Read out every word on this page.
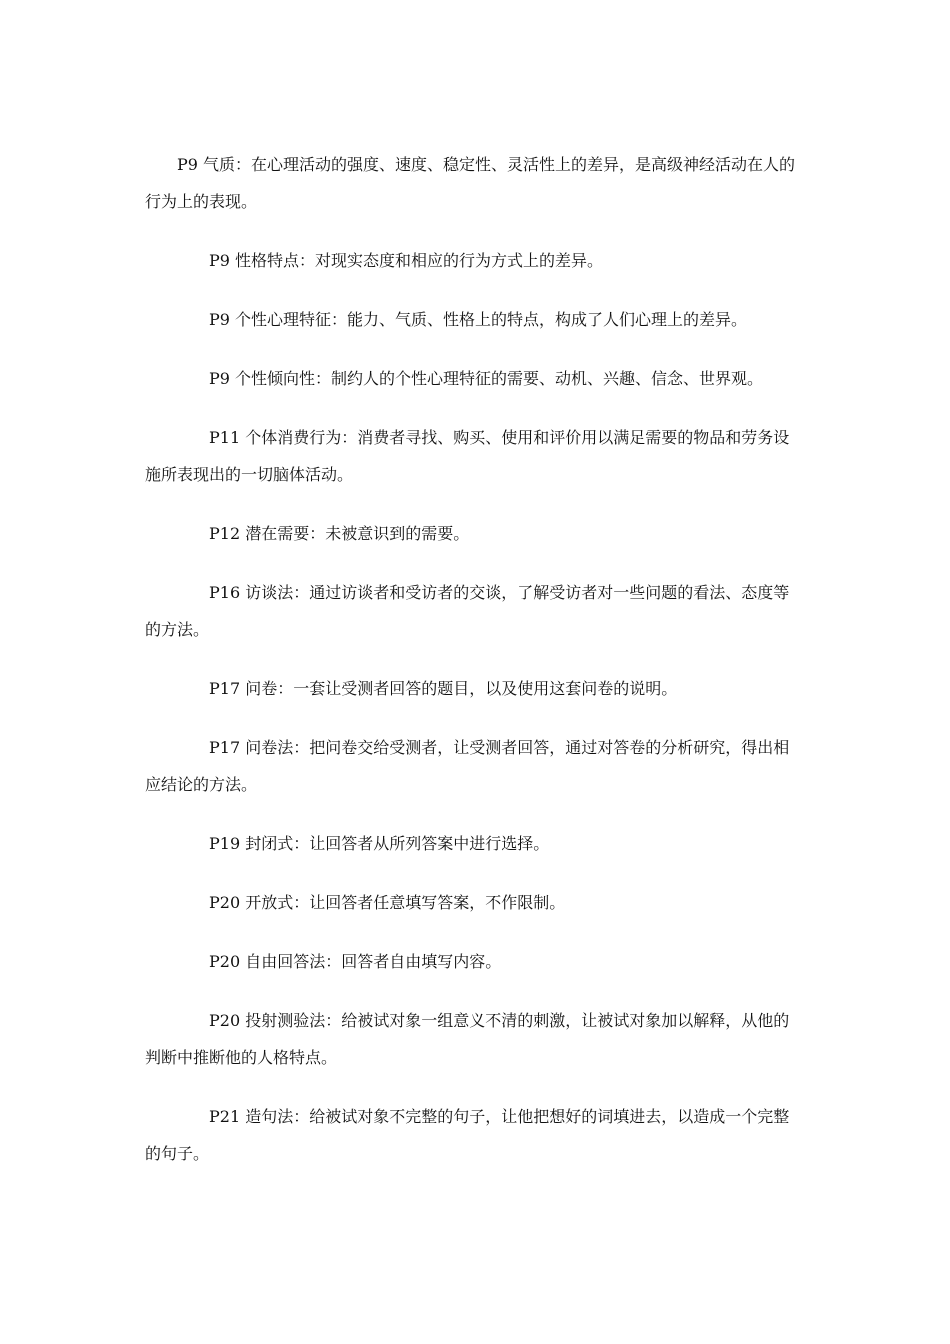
P9 气质：在心理活动的强度、速度、稳定性、灵活性上的差异，是高级神经活动在人的行为上的表现。

P9 性格特点：对现实态度和相应的行为方式上的差异。

P9 个性心理特征：能力、气质、性格上的特点，构成了人们心理上的差异。

P9 个性倾向性：制约人的个性心理特征的需要、动机、兴趣、信念、世界观。

P11 个体消费行为：消费者寻找、购买、使用和评价用以满足需要的物品和劳务设施所表现出的一切脑体活动。

P12 潜在需要：未被意识到的需要。

P16 访谈法：通过访谈者和受访者的交谈，了解受访者对一些问题的看法、态度等的方法。

P17 问卷：一套让受测者回答的题目，以及使用这套问卷的说明。

P17 问卷法：把问卷交给受测者，让受测者回答，通过对答卷的分析研究，得出相应结论的方法。

P19 封闭式：让回答者从所列答案中进行选择。

P20 开放式：让回答者任意填写答案，不作限制。

P20 自由回答法：回答者自由填写内容。

P20 投射测验法：给被试对象一组意义不清的刺激，让被试对象加以解释，从他的判断中推断他的人格特点。

P21 造句法：给被试对象不完整的句子，让他把想好的词填进去，以造成一个完整的句子。
